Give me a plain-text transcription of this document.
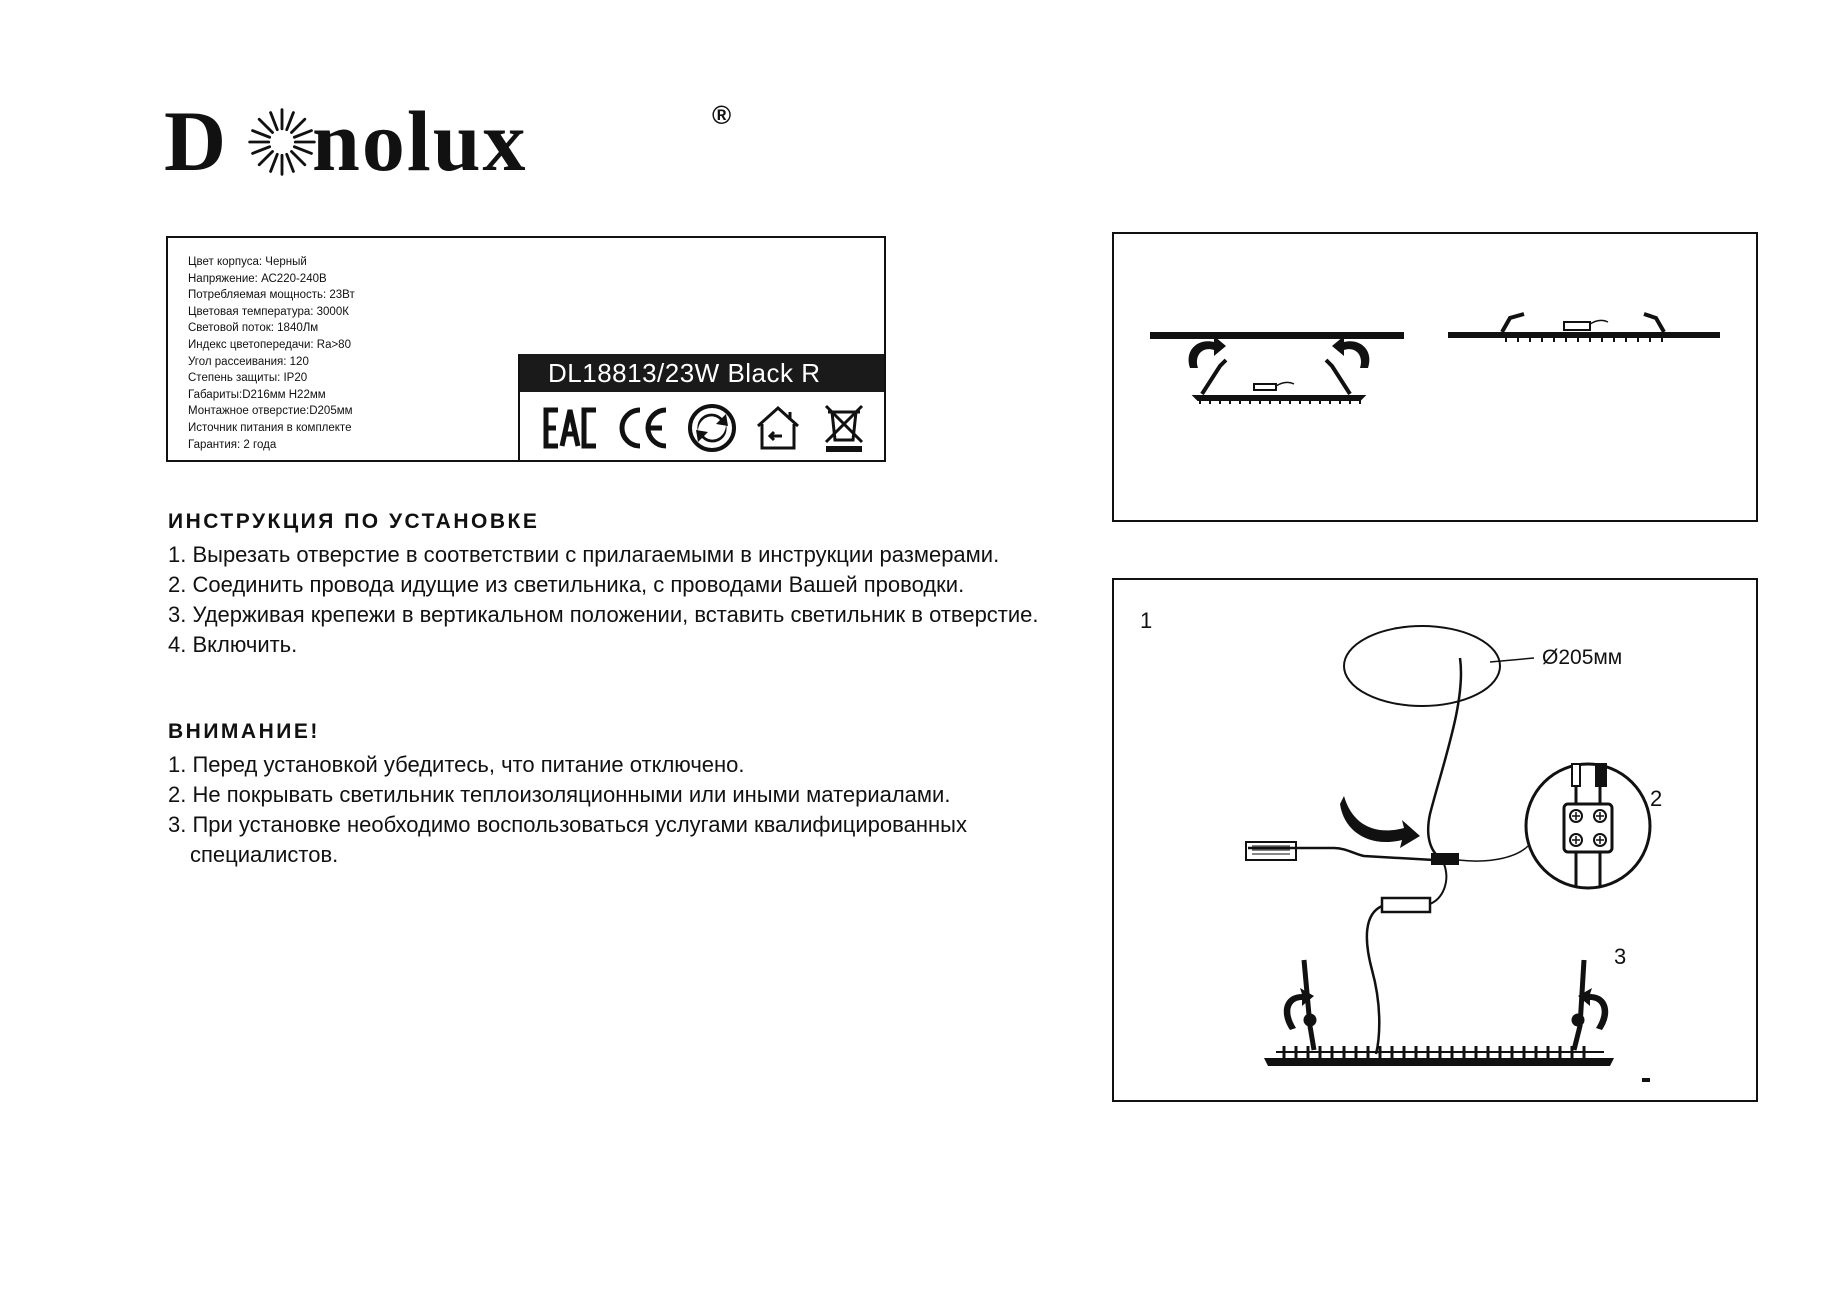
D nolux	®
Цвет корпуса: Черный
Напряжение: АС220-240В
Потребляемая мощность: 23Вт
Цветовая температура: 3000К
Световой поток: 1840Лм
Индекс цветопередачи: Ra>80
Угол рассеивания: 120
Степень защиты: IP20
Габариты:D216мм H22мм
Монтажное отверстие:D205мм
Источник питания в комплекте
Гарантия: 2 года
DL18813/23W Black R
ИНСТРУКЦИЯ ПО УСТАНОВКЕ
1. Вырезать отверстие в соответствии с прилагаемыми в инструкции размерами.
2. Соединить провода идущие из светильника, с проводами Вашей проводки.
3. Удерживая крепежи в вертикальном положении, вставить светильник в отверстие.
4. Включить.
ВНИМАНИЕ!
1. Перед установкой убедитесь, что питание отключено.
2. Не покрывать светильник теплоизоляционными или иными материалами.
3. При установке необходимо воспользоваться услугами квалифицированных
специалистов.
1
2
3
Ø205мм
